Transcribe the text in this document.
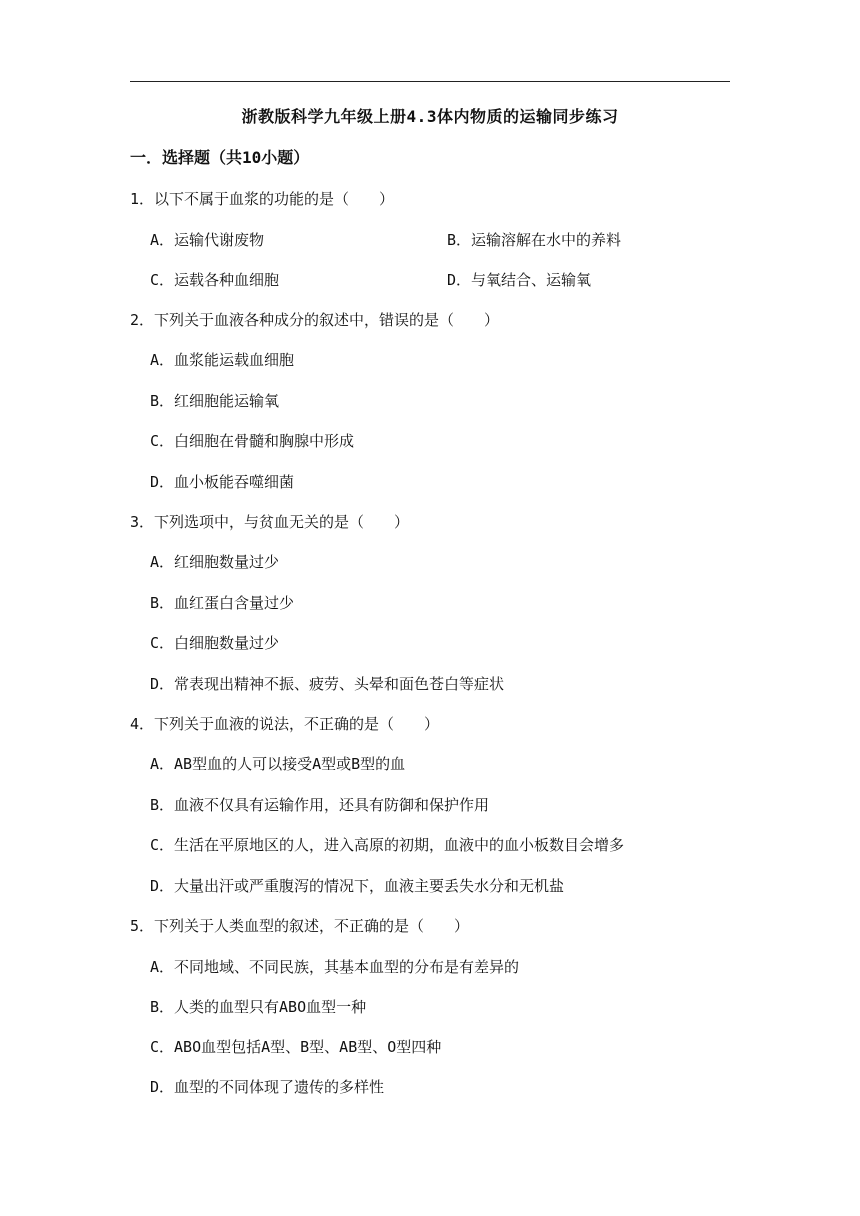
浙教版科学九年级上册4.3体内物质的运输同步练习
一．选择题（共10小题）
1．以下不属于血浆的功能的是（　　）
A．运输代谢废物	B．运输溶解在水中的养料
C．运载各种血细胞	D．与氧结合、运输氧
2．下列关于血液各种成分的叙述中，错误的是（　　）
A．血浆能运载血细胞
B．红细胞能运输氧
C．白细胞在骨髓和胸腺中形成
D．血小板能吞噬细菌
3．下列选项中，与贫血无关的是（　　）
A．红细胞数量过少
B．血红蛋白含量过少
C．白细胞数量过少
D．常表现出精神不振、疲劳、头晕和面色苍白等症状
4．下列关于血液的说法，不正确的是（　　）
A．AB型血的人可以接受A型或B型的血
B．血液不仅具有运输作用，还具有防御和保护作用
C．生活在平原地区的人，进入高原的初期，血液中的血小板数目会增多
D．大量出汗或严重腹泻的情况下，血液主要丢失水分和无机盐
5．下列关于人类血型的叙述，不正确的是（　　）
A．不同地域、不同民族，其基本血型的分布是有差异的
B．人类的血型只有ABO血型一种
C．ABO血型包括A型、B型、AB型、O型四种
D．血型的不同体现了遗传的多样性
